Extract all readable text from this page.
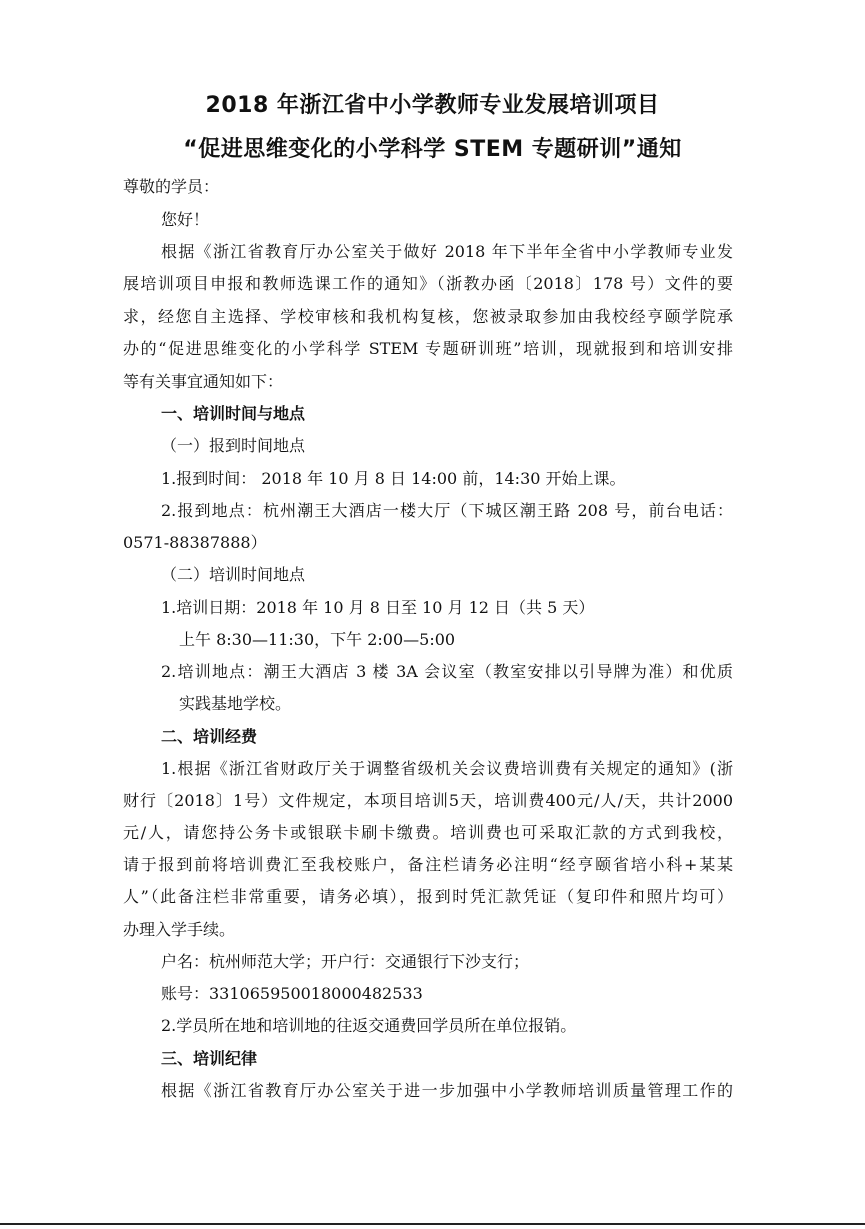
2018 年浙江省中小学教师专业发展培训项目
“促进思维变化的小学科学 STEM 专题研训”通知
尊敬的学员：
您好！
根据《浙江省教育厅办公室关于做好 2018 年下半年全省中小学教师专业发
展培训项目申报和教师选课工作的通知》（浙教办函〔2018〕178 号）文件的要
求，经您自主选择、学校审核和我机构复核，您被录取参加由我校经亨颐学院承
办的“促进思维变化的小学科学 STEM 专题研训班”培训，现就报到和培训安排
等有关事宜通知如下：
一、培训时间与地点
（一）报到时间地点
1.报到时间： 2018 年 10 月 8 日 14:00 前，14:30 开始上课。
2.报到地点：杭州潮王大酒店一楼大厅（下城区潮王路 208 号，前台电话：
0571-88387888）
（二）培训时间地点
1.培训日期：2018 年 10 月 8 日至 10 月 12 日（共 5 天）
上午 8:30—11:30，下午 2:00—5:00
2.培训地点：潮王大酒店 3 楼 3A 会议室（教室安排以引导牌为准）和优质
实践基地学校。
二、培训经费
1.根据《浙江省财政厅关于调整省级机关会议费培训费有关规定的通知》(浙
财行〔2018〕1号）文件规定，本项目培训5天，培训费400元/人/天，共计2000
元/人，请您持公务卡或银联卡刷卡缴费。培训费也可采取汇款的方式到我校，
请于报到前将培训费汇至我校账户，备注栏请务必注明“经亨颐省培小科+某某
人”（此备注栏非常重要，请务必填），报到时凭汇款凭证（复印件和照片均可）
办理入学手续。
户名：杭州师范大学；开户行：交通银行下沙支行；
账号：331065950018000482533
2.学员所在地和培训地的往返交通费回学员所在单位报销。
三、培训纪律
根据《浙江省教育厅办公室关于进一步加强中小学教师培训质量管理工作的
